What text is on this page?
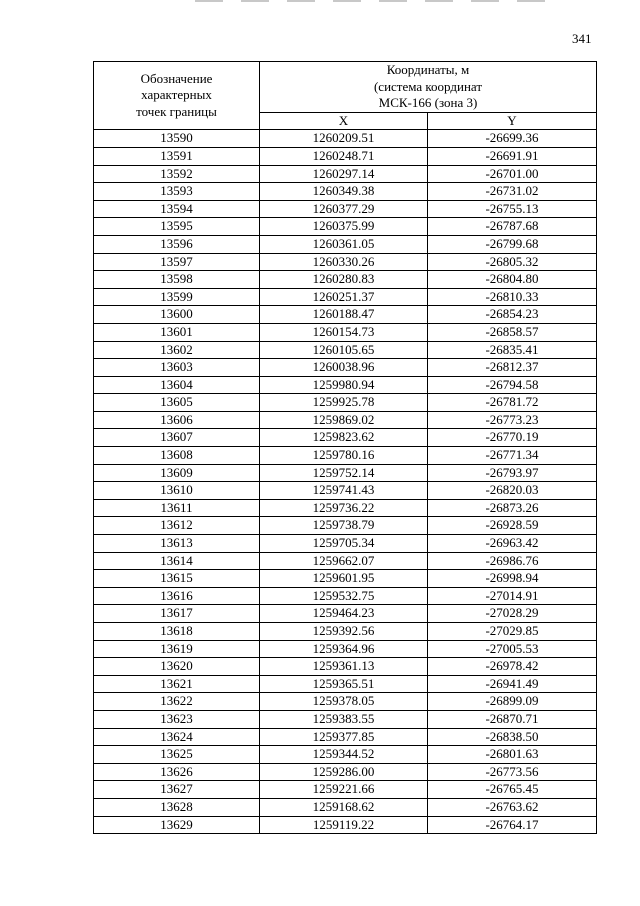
341
Обозначение
характерных
точек границы	Координаты, м
(система координат
МСК-166 (зона 3)	

	X	Y
13590	1260209.51	-26699.36
13591	1260248.71	-26691.91
13592	1260297.14	-26701.00
13593	1260349.38	-26731.02
13594	1260377.29	-26755.13
13595	1260375.99	-26787.68
13596	1260361.05	-26799.68
13597	1260330.26	-26805.32
13598	1260280.83	-26804.80
13599	1260251.37	-26810.33
13600	1260188.47	-26854.23
13601	1260154.73	-26858.57
13602	1260105.65	-26835.41
13603	1260038.96	-26812.37
13604	1259980.94	-26794.58
13605	1259925.78	-26781.72
13606	1259869.02	-26773.23
13607	1259823.62	-26770.19
13608	1259780.16	-26771.34
13609	1259752.14	-26793.97
13610	1259741.43	-26820.03
13611	1259736.22	-26873.26
13612	1259738.79	-26928.59
13613	1259705.34	-26963.42
13614	1259662.07	-26986.76
13615	1259601.95	-26998.94
13616	1259532.75	-27014.91
13617	1259464.23	-27028.29
13618	1259392.56	-27029.85
13619	1259364.96	-27005.53
13620	1259361.13	-26978.42
13621	1259365.51	-26941.49
13622	1259378.05	-26899.09
13623	1259383.55	-26870.71
13624	1259377.85	-26838.50
13625	1259344.52	-26801.63
13626	1259286.00	-26773.56
13627	1259221.66	-26765.45
13628	1259168.62	-26763.62
13629	1259119.22	-26764.17
